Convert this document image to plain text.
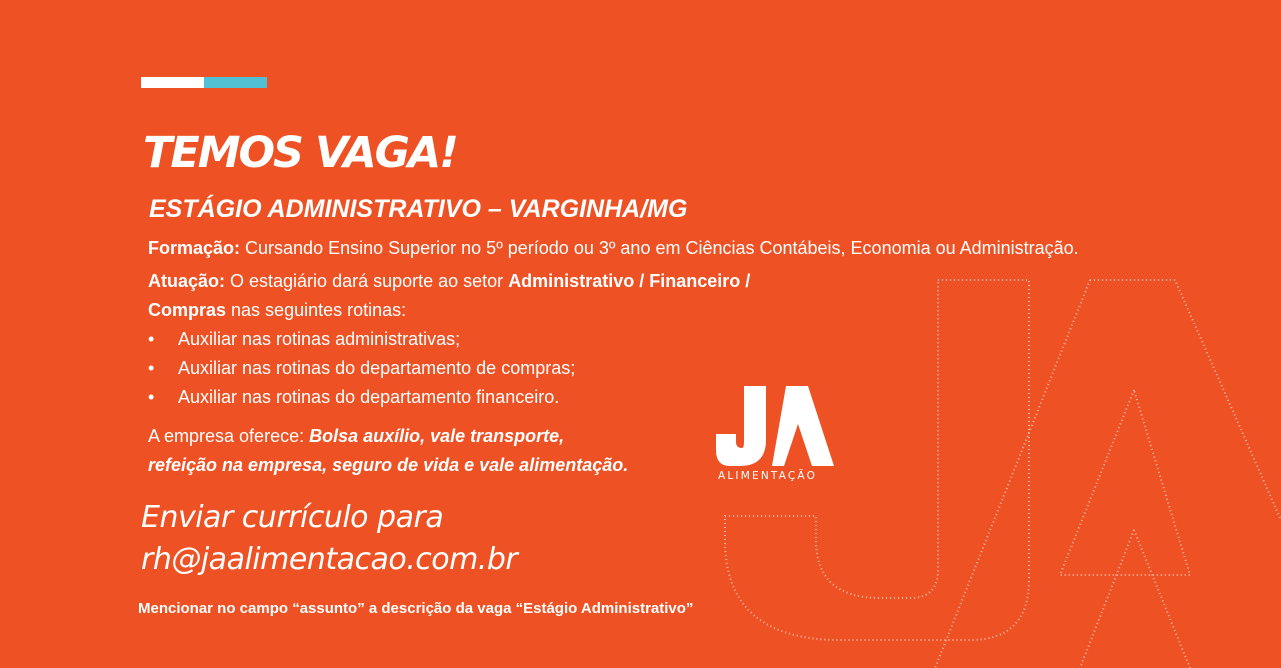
TEMOS VAGA!
ESTÁGIO ADMINISTRATIVO – VARGINHA/MG

Formação: Cursando Ensino Superior no 5º período ou 3º ano em Ciências Contábeis, Economia ou Administração.

Atuação: O estagiário dará suporte ao setor Administrativo / Financeiro /

Compras nas seguintes rotinas:

• Auxiliar nas rotinas administrativas;
• Auxiliar nas rotinas do departamento de compras;
• Auxiliar nas rotinas do departamento financeiro.
A empresa oferece: Bolsa auxílio, vale transporte,
refeição na empresa, seguro de vida e vale alimentação.
ALIMENTAÇÃO

Enviar currículo para

rh@jaalimentacao.com.br

Mencionar no campo “assunto” a descrição da vaga “Estágio Administrativo”
